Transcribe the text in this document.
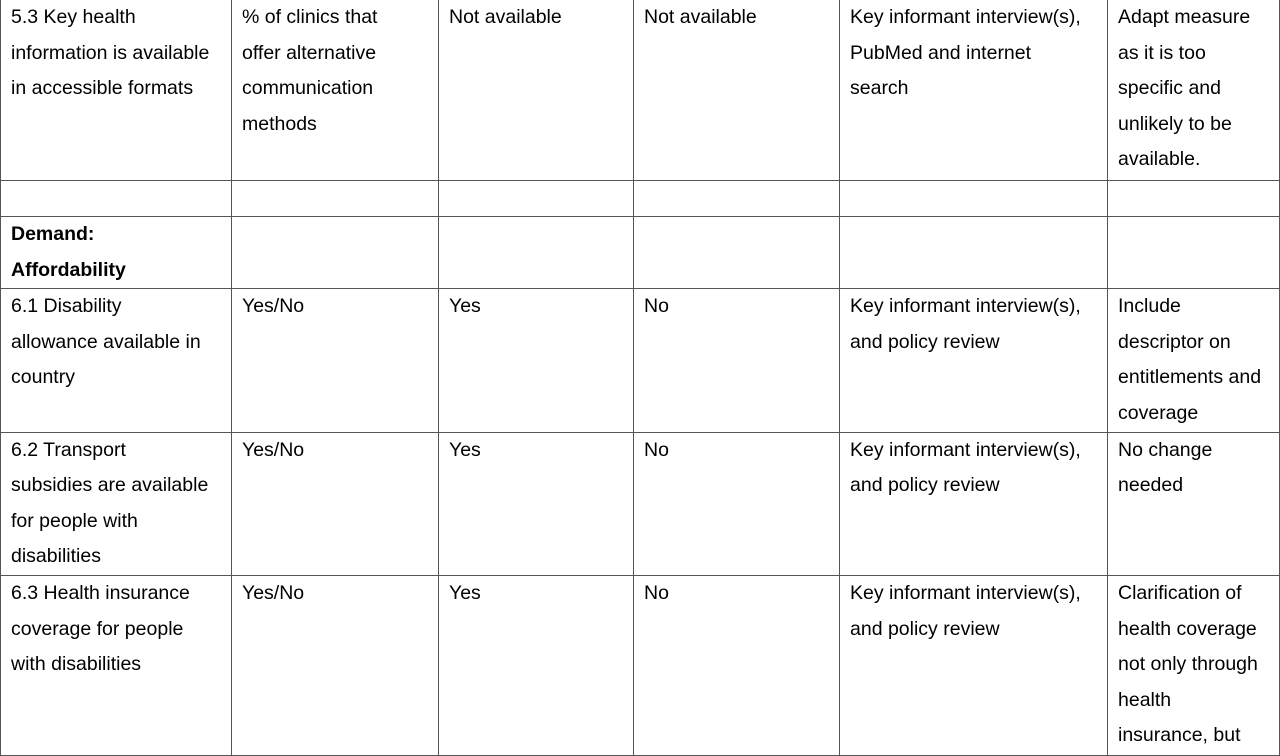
5.3 Key health
information is available
in accessible formats	% of clinics that
offer alternative
communication
methods	Not available	Not available	Key informant interview(s),
PubMed and internet
search	Adapt measure
as it is too
specific and
unlikely to be
available.

Demand:
Affordability					

6.1 Disability
allowance available in
country	Yes/No	Yes	No	Key informant interview(s),
and policy review	Include
descriptor on
entitlements and
coverage

6.2 Transport
subsidies are available
for people with
disabilities	Yes/No	Yes	No	Key informant interview(s),
and policy review	No change
needed

6.3 Health insurance
coverage for people
with disabilities	Yes/No	Yes	No	Key informant interview(s),
and policy review	Clarification of
health coverage
not only through
health
insurance, but
